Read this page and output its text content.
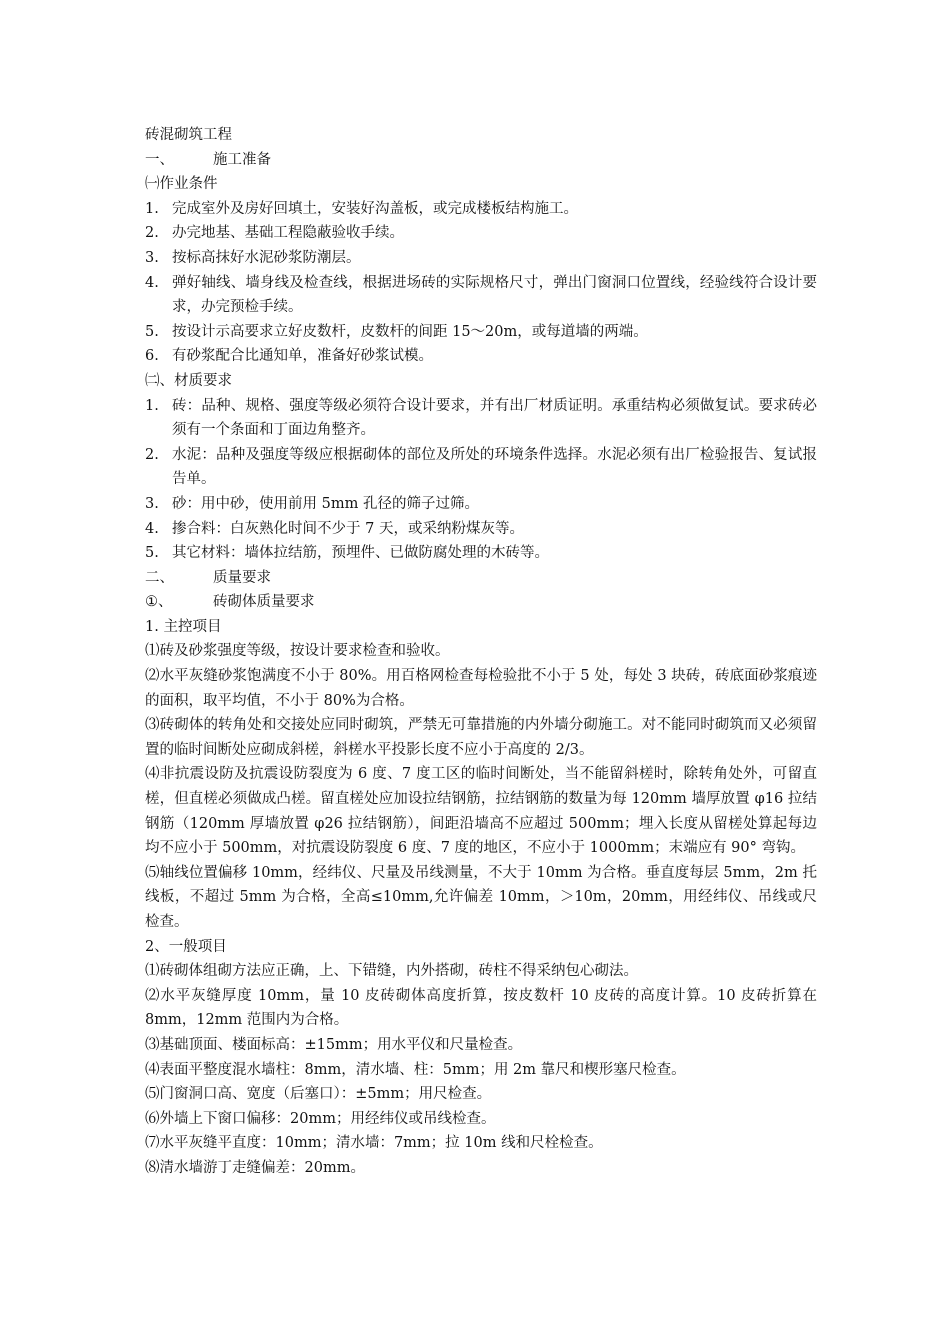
砖混砌筑工程
一、	施工准备
㈠作业条件
1. 完成室外及房好回填土，安装好沟盖板，或完成楼板结构施工。
2. 办完地基、基础工程隐蔽验收手续。
3. 按标高抹好水泥砂浆防潮层。
4. 弹好轴线、墙身线及检查线，根据进场砖的实际规格尺寸，弹出门窗洞口位置线，经验线符合设计要求，办完预检手续。
5. 按设计示高要求立好皮数杆，皮数杆的间距 15～20m，或每道墙的两端。
6. 有砂浆配合比通知单，准备好砂浆试模。
㈡、材质要求
1. 砖：品种、规格、强度等级必须符合设计要求，并有出厂材质证明。承重结构必须做复试。要求砖必须有一个条面和丁面边角整齐。
2. 水泥：品种及强度等级应根据砌体的部位及所处的环境条件选择。水泥必须有出厂检验报告、复试报告单。
3. 砂：用中砂，使用前用 5mm 孔径的筛子过筛。
4. 掺合料：白灰熟化时间不少于 7 天，或采纳粉煤灰等。
5. 其它材料：墙体拉结筋，预埋件、已做防腐处理的木砖等。
二、	质量要求
①、	砖砌体质量要求
1. 主控项目
⑴砖及砂浆强度等级，按设计要求检查和验收。
⑵水平灰缝砂浆饱满度不小于 80%。用百格网检查每检验批不小于 5 处，每处 3 块砖，砖底面砂浆痕迹的面积，取平均值，不小于 80%为合格。
⑶砖砌体的转角处和交接处应同时砌筑，严禁无可靠措施的内外墙分砌施工。对不能同时砌筑而又必须留置的临时间断处应砌成斜槎，斜槎水平投影长度不应小于高度的 2/3。
⑷非抗震设防及抗震设防裂度为 6 度、7 度工区的临时间断处，当不能留斜槎时，除转角处外，可留直槎，但直槎必须做成凸槎。留直槎处应加设拉结钢筋，拉结钢筋的数量为每 120mm 墙厚放置 φ16 拉结钢筋（120mm 厚墙放置 φ26 拉结钢筋），间距沿墙高不应超过 500mm；埋入长度从留槎处算起每边均不应小于 500mm，对抗震设防裂度 6 度、7 度的地区，不应小于 1000mm；末端应有 90° 弯钩。
⑸轴线位置偏移 10mm，经纬仪、尺量及吊线测量，不大于 10mm 为合格。垂直度每层 5mm，2m 托线板，不超过 5mm 为合格，全高≤10mm,允许偏差 10mm，＞10m，20mm，用经纬仪、吊线或尺检查。
2、一般项目
⑴砖砌体组砌方法应正确，上、下错缝，内外搭砌，砖柱不得采纳包心砌法。
⑵水平灰缝厚度 10mm，量 10 皮砖砌体高度折算，按皮数杆 10 皮砖的高度计算。10 皮砖折算在 8mm，12mm 范围内为合格。
⑶基础顶面、楼面标高：±15mm；用水平仪和尺量检查。
⑷表面平整度混水墙柱：8mm，清水墙、柱：5mm；用 2m 靠尺和楔形塞尺检查。
⑸门窗洞口高、宽度（后塞口）：±5mm；用尺检查。
⑹外墙上下窗口偏移：20mm；用经纬仪或吊线检查。
⑺水平灰缝平直度：10mm；清水墙：7mm；拉 10m 线和尺栓检查。
⑻清水墙游丁走缝偏差：20mm。
